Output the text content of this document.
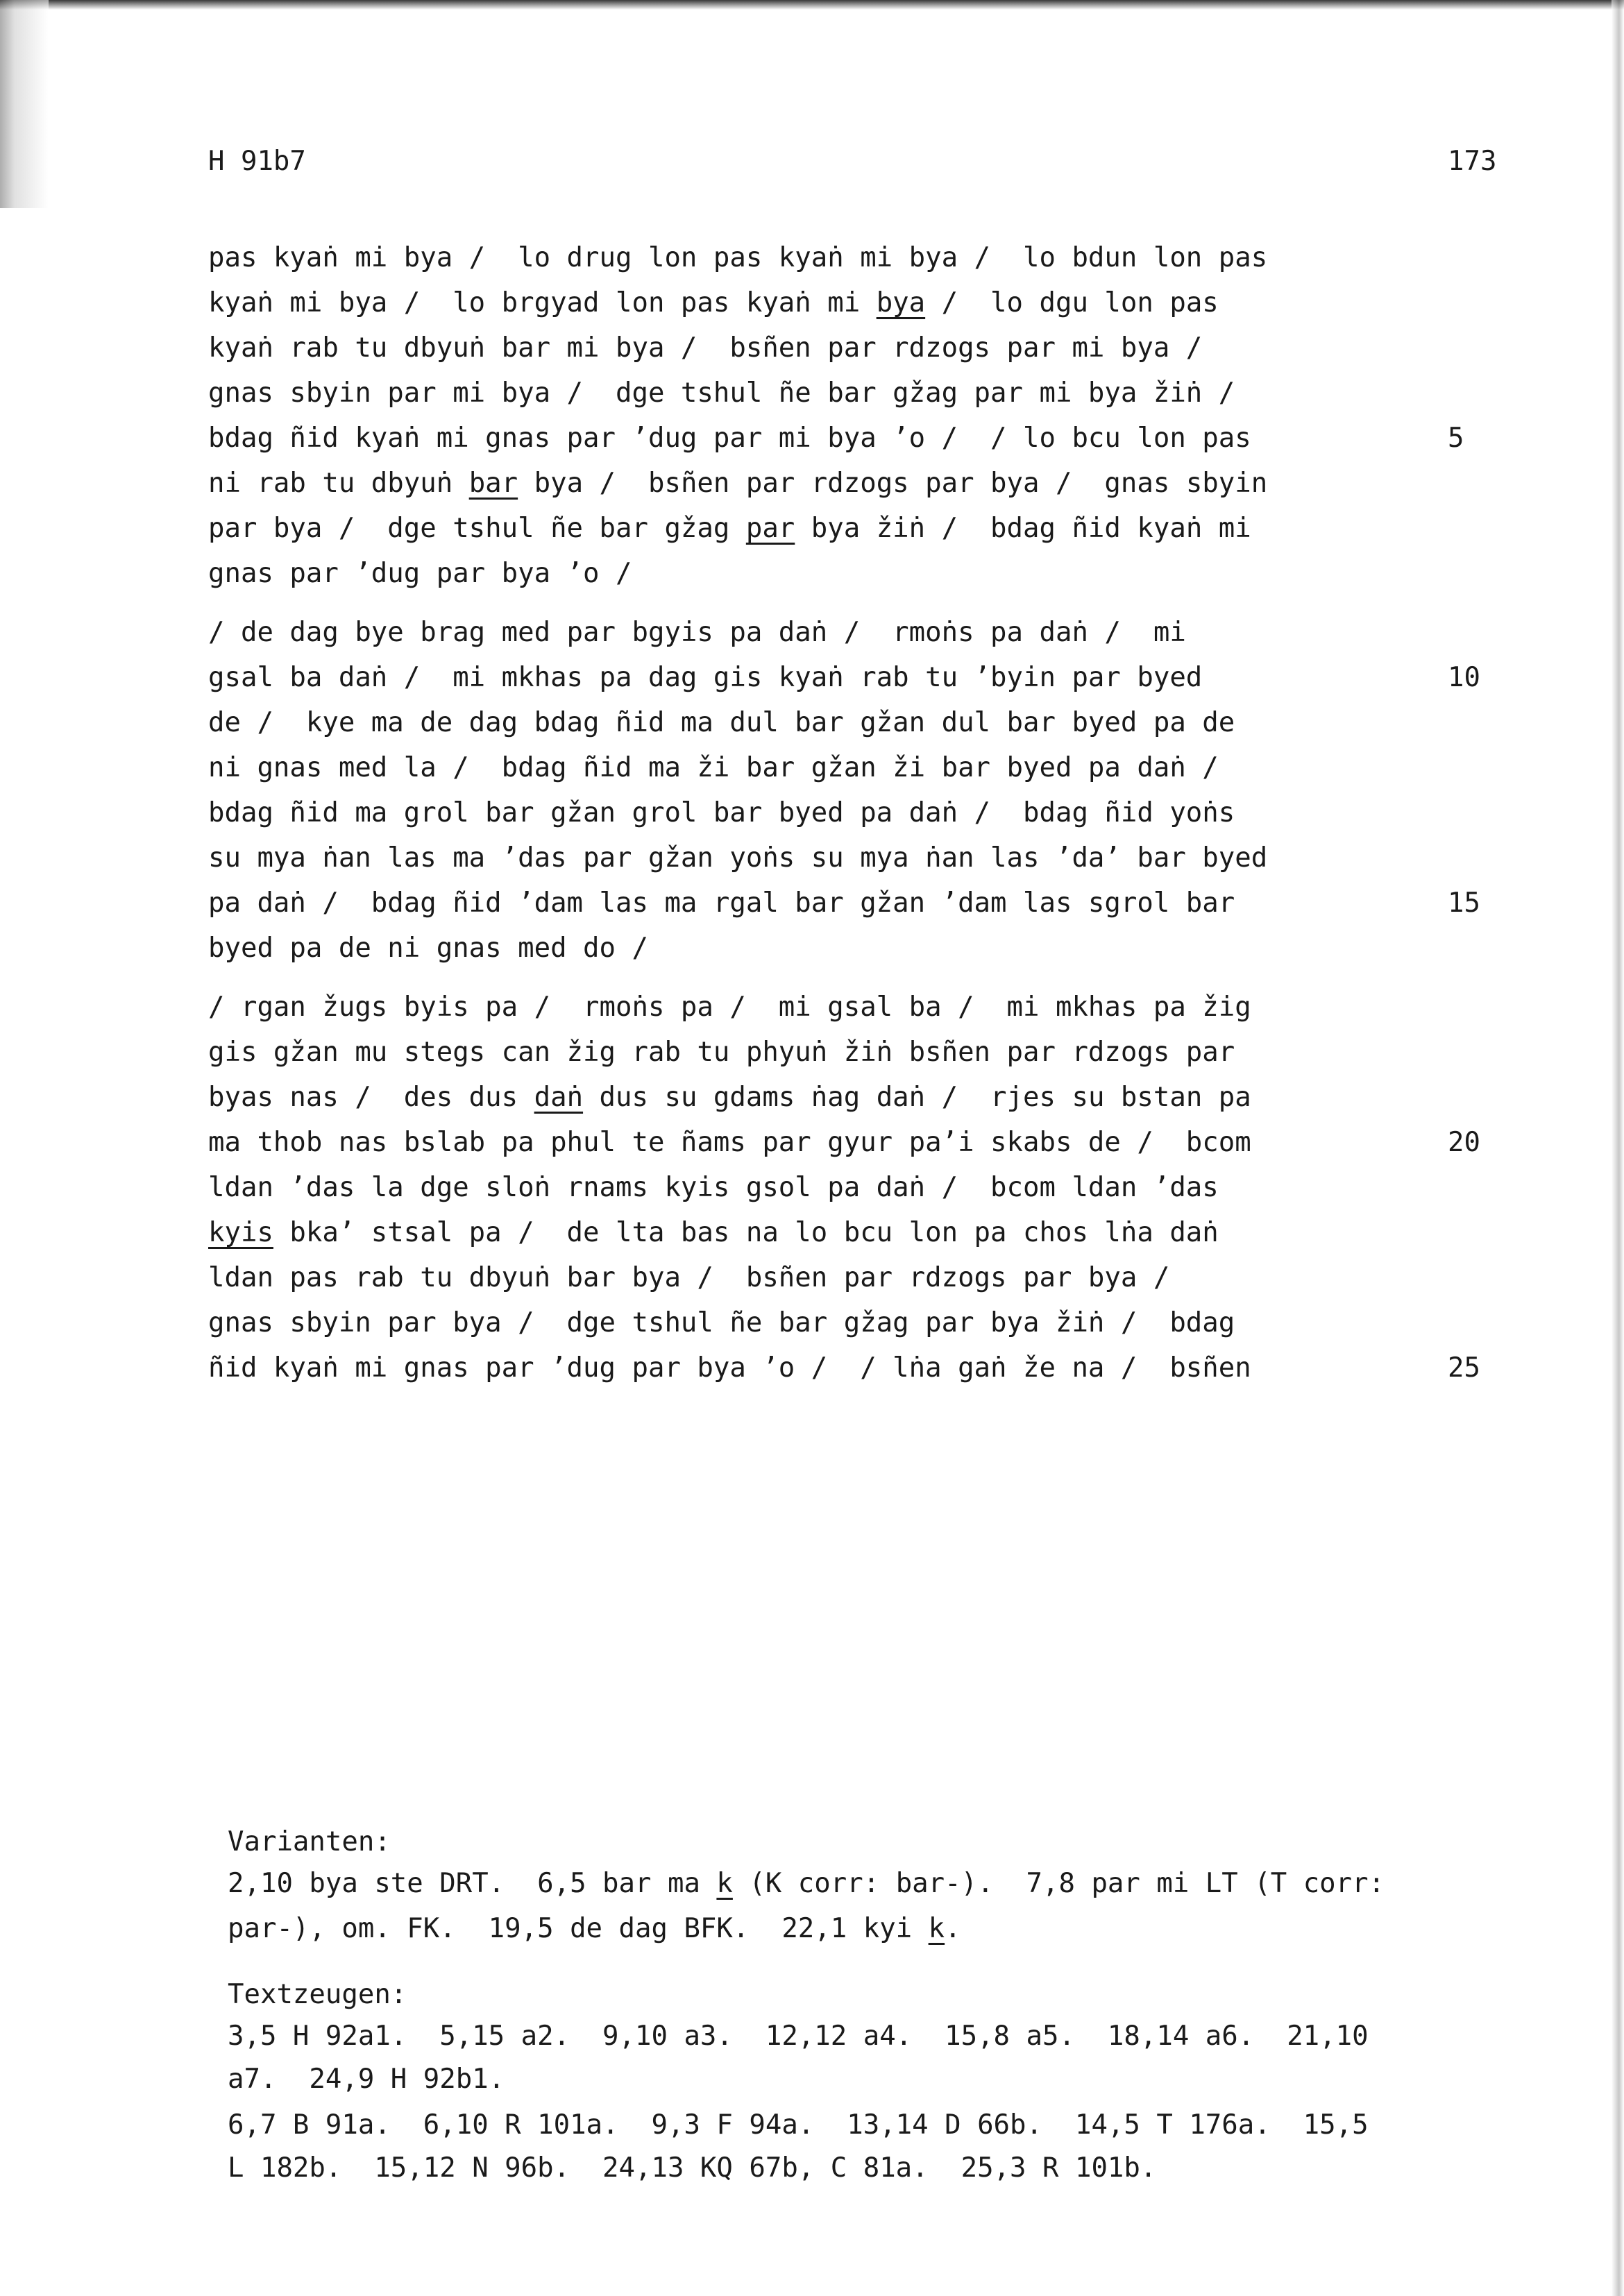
H 91b7	173
pas kyaṅ mi bya /  lo drug lon pas kyaṅ mi bya /  lo bdun lon pas
kyaṅ mi bya /  lo brgyad lon pas kyaṅ mi bya /  lo dgu lon pas
kyaṅ rab tu dbyuṅ bar mi bya /  bsñen par rdzogs par mi bya /
gnas sbyin par mi bya /  dge tshul ñe bar gžag par mi bya žiṅ /
bdag ñid kyaṅ mi gnas par ’dug par mi bya ’o /  / lo bcu lon pas	5
ni rab tu dbyuṅ bar bya /  bsñen par rdzogs par bya /  gnas sbyin
par bya /  dge tshul ñe bar gžag par bya žiṅ /  bdag ñid kyaṅ mi
gnas par ’dug par bya ’o /
/ de dag bye brag med par bgyis pa daṅ /  rmoṅs pa daṅ /  mi
gsal ba daṅ /  mi mkhas pa dag gis kyaṅ rab tu ’byin par byed	10
de /  kye ma de dag bdag ñid ma dul bar gžan dul bar byed pa de
ni gnas med la /  bdag ñid ma ži bar gžan ži bar byed pa daṅ /
bdag ñid ma grol bar gžan grol bar byed pa daṅ /  bdag ñid yoṅs
su mya ṅan las ma ’das par gžan yoṅs su mya ṅan las ’da’ bar byed
pa daṅ /  bdag ñid ’dam las ma rgal bar gžan ’dam las sgrol bar	15
byed pa de ni gnas med do /
/ rgan žugs byis pa /  rmoṅs pa /  mi gsal ba /  mi mkhas pa žig
gis gžan mu stegs can žig rab tu phyuṅ žiṅ bsñen par rdzogs par
byas nas /  des dus daṅ dus su gdams ṅag daṅ /  rjes su bstan pa
ma thob nas bslab pa phul te ñams par gyur pa’i skabs de /  bcom	20
ldan ’das la dge sloṅ rnams kyis gsol pa daṅ /  bcom ldan ’das
kyis bka’ stsal pa /  de lta bas na lo bcu lon pa chos lṅa daṅ
ldan pas rab tu dbyuṅ bar bya /  bsñen par rdzogs par bya /
gnas sbyin par bya /  dge tshul ñe bar gžag par bya žiṅ /  bdag
ñid kyaṅ mi gnas par ’dug par bya ’o /  / lṅa gaṅ že na /  bsñen	25
Varianten:
2,10 bya ste DRT.  6,5 bar ma k (K corr: bar-).  7,8 par mi LT (T corr:
par-), om. FK.  19,5 de dag BFK.  22,1 kyi k.
Textzeugen:
3,5 H 92a1.  5,15 a2.  9,10 a3.  12,12 a4.  15,8 a5.  18,14 a6.  21,10
a7.  24,9 H 92b1.
6,7 B 91a.  6,10 R 101a.  9,3 F 94a.  13,14 D 66b.  14,5 T 176a.  15,5
L 182b.  15,12 N 96b.  24,13 KQ 67b, C 81a.  25,3 R 101b.
